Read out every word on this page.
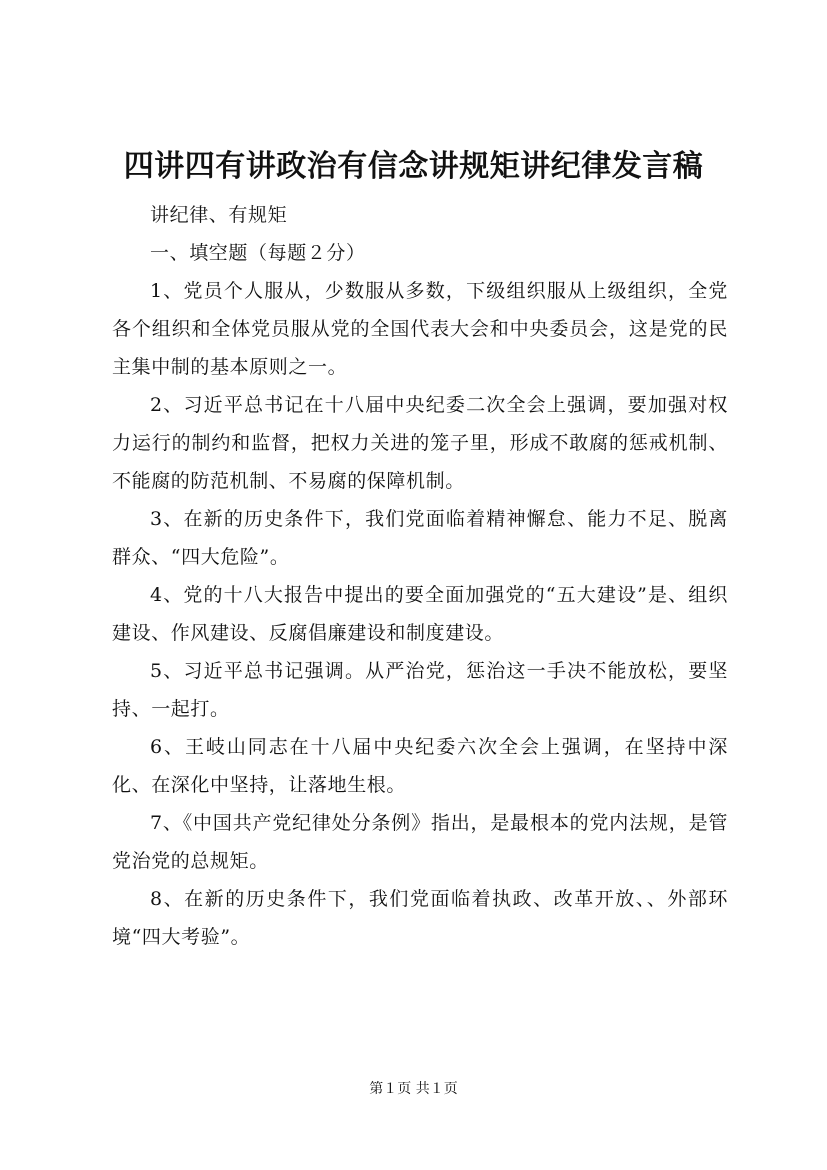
四讲四有讲政治有信念讲规矩讲纪律发言稿

讲纪律、有规矩

一、填空题（每题２分）

1、党员个人服从，少数服从多数，下级组织服从上级组织，全党各个组织和全体党员服从党的全国代表大会和中央委员会，这是党的民主集中制的基本原则之一。

2、习近平总书记在十八届中央纪委二次全会上强调，要加强对权力运行的制约和监督，把权力关进的笼子里，形成不敢腐的惩戒机制、不能腐的防范机制、不易腐的保障机制。

3、在新的历史条件下，我们党面临着精神懈怠、能力不足、脱离群众、“四大危险”。

4、党的十八大报告中提出的要全面加强党的“五大建设”是、组织建设、作风建设、反腐倡廉建设和制度建设。

5、习近平总书记强调。从严治党，惩治这一手决不能放松，要坚持、一起打。

6、王岐山同志在十八届中央纪委六次全会上强调，在坚持中深化、在深化中坚持，让落地生根。

7、《中国共产党纪律处分条例》指出，是最根本的党内法规，是管党治党的总规矩。

8、在新的历史条件下，我们党面临着执政、改革开放、、外部环境“四大考验”。

第１页 共１页
